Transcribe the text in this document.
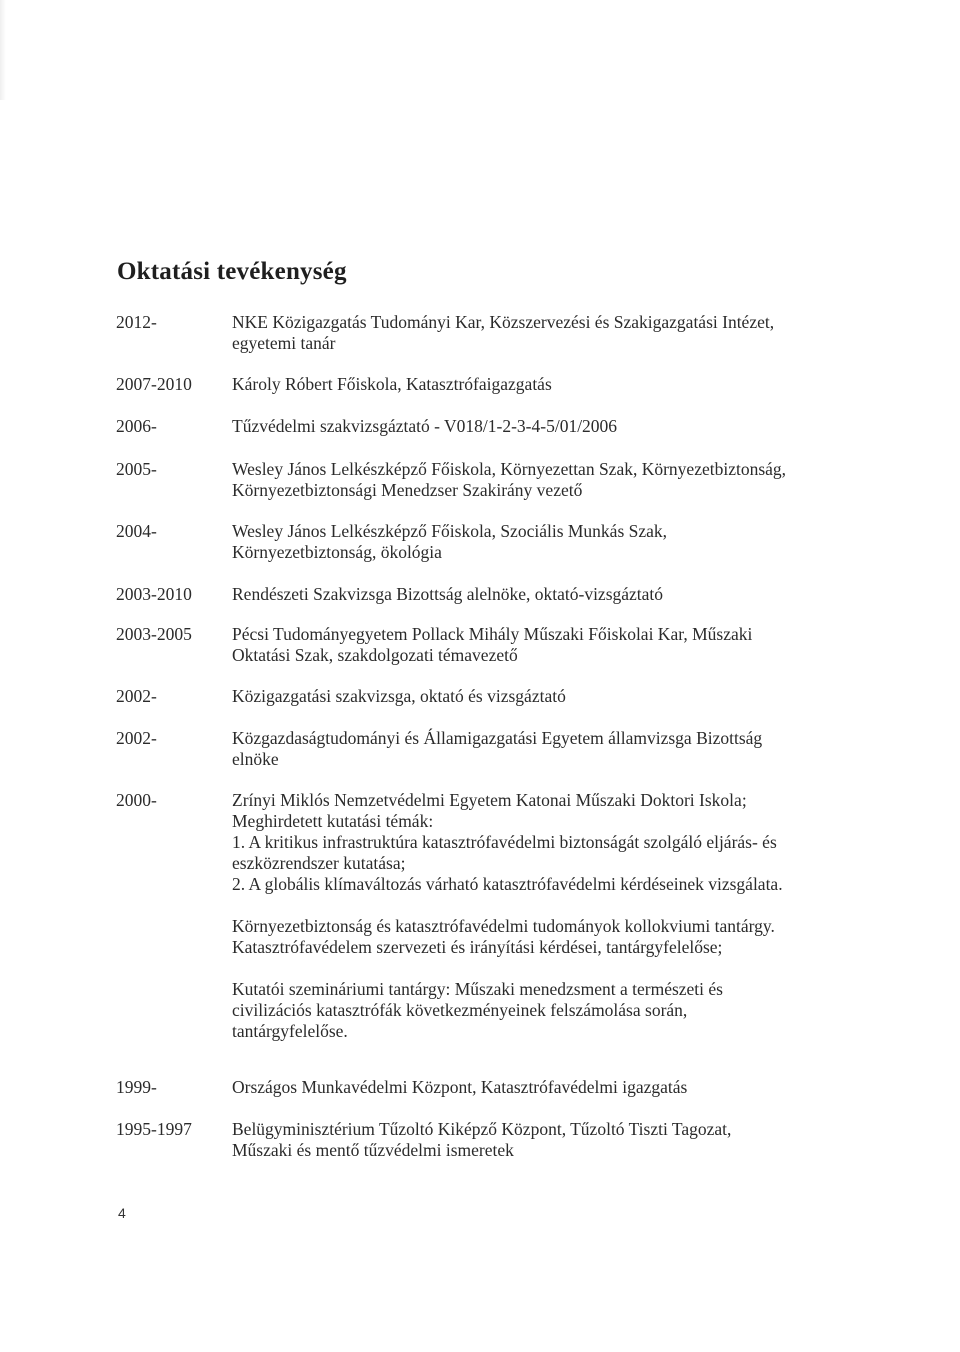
Oktatási tevékenység
2012-	NKE Közigazgatás Tudományi Kar, Közszervezési és Szakigazgatási Intézet,
egyetemi tanár
2007-2010 Károly Róbert Főiskola, Katasztrófaigazgatás
2006-	Tűzvédelmi szakvizsgáztató - V018/1-2-3-4-5/01/2006
2005-	Wesley János Lelkészképző Főiskola, Környezettan Szak, Környezetbiztonság,
Környezetbiztonsági Menedzser Szakirány vezető
2004-	Wesley János Lelkészképző Főiskola, Szociális Munkás Szak,
Környezetbiztonság, ökológia
2003-2010 Rendészeti Szakvizsga Bizottság alelnöke, oktató-vizsgáztató
2003-2005 Pécsi Tudományegyetem Pollack Mihály Műszaki Főiskolai Kar, Műszaki
Oktatási Szak, szakdolgozati témavezető
2002-	Közigazgatási szakvizsga, oktató és vizsgáztató
2002-	Közgazdaságtudományi és Államigazgatási Egyetem államvizsga Bizottság
elnöke
2000-	Zrínyi Miklós Nemzetvédelmi Egyetem Katonai Műszaki Doktori Iskola;
Meghirdetett kutatási témák:
1. A kritikus infrastruktúra katasztrófavédelmi biztonságát szolgáló eljárás- és
eszközrendszer kutatása;
2. A globális klímaváltozás várható katasztrófavédelmi kérdéseinek vizsgálata.
Környezetbiztonság és katasztrófavédelmi tudományok kollokviumi tantárgy.
Katasztrófavédelem szervezeti és irányítási kérdései, tantárgyfelelőse;
Kutatói szemináriumi tantárgy: Műszaki menedzsment a természeti és
civilizációs katasztrófák következményeinek felszámolása során,
tantárgyfelelőse.
1999-	Országos Munkavédelmi Központ, Katasztrófavédelmi igazgatás
1995-1997 Belügyminisztérium Tűzoltó Kiképző Központ, Tűzoltó Tiszti Tagozat,
Műszaki és mentő tűzvédelmi ismeretek
4
